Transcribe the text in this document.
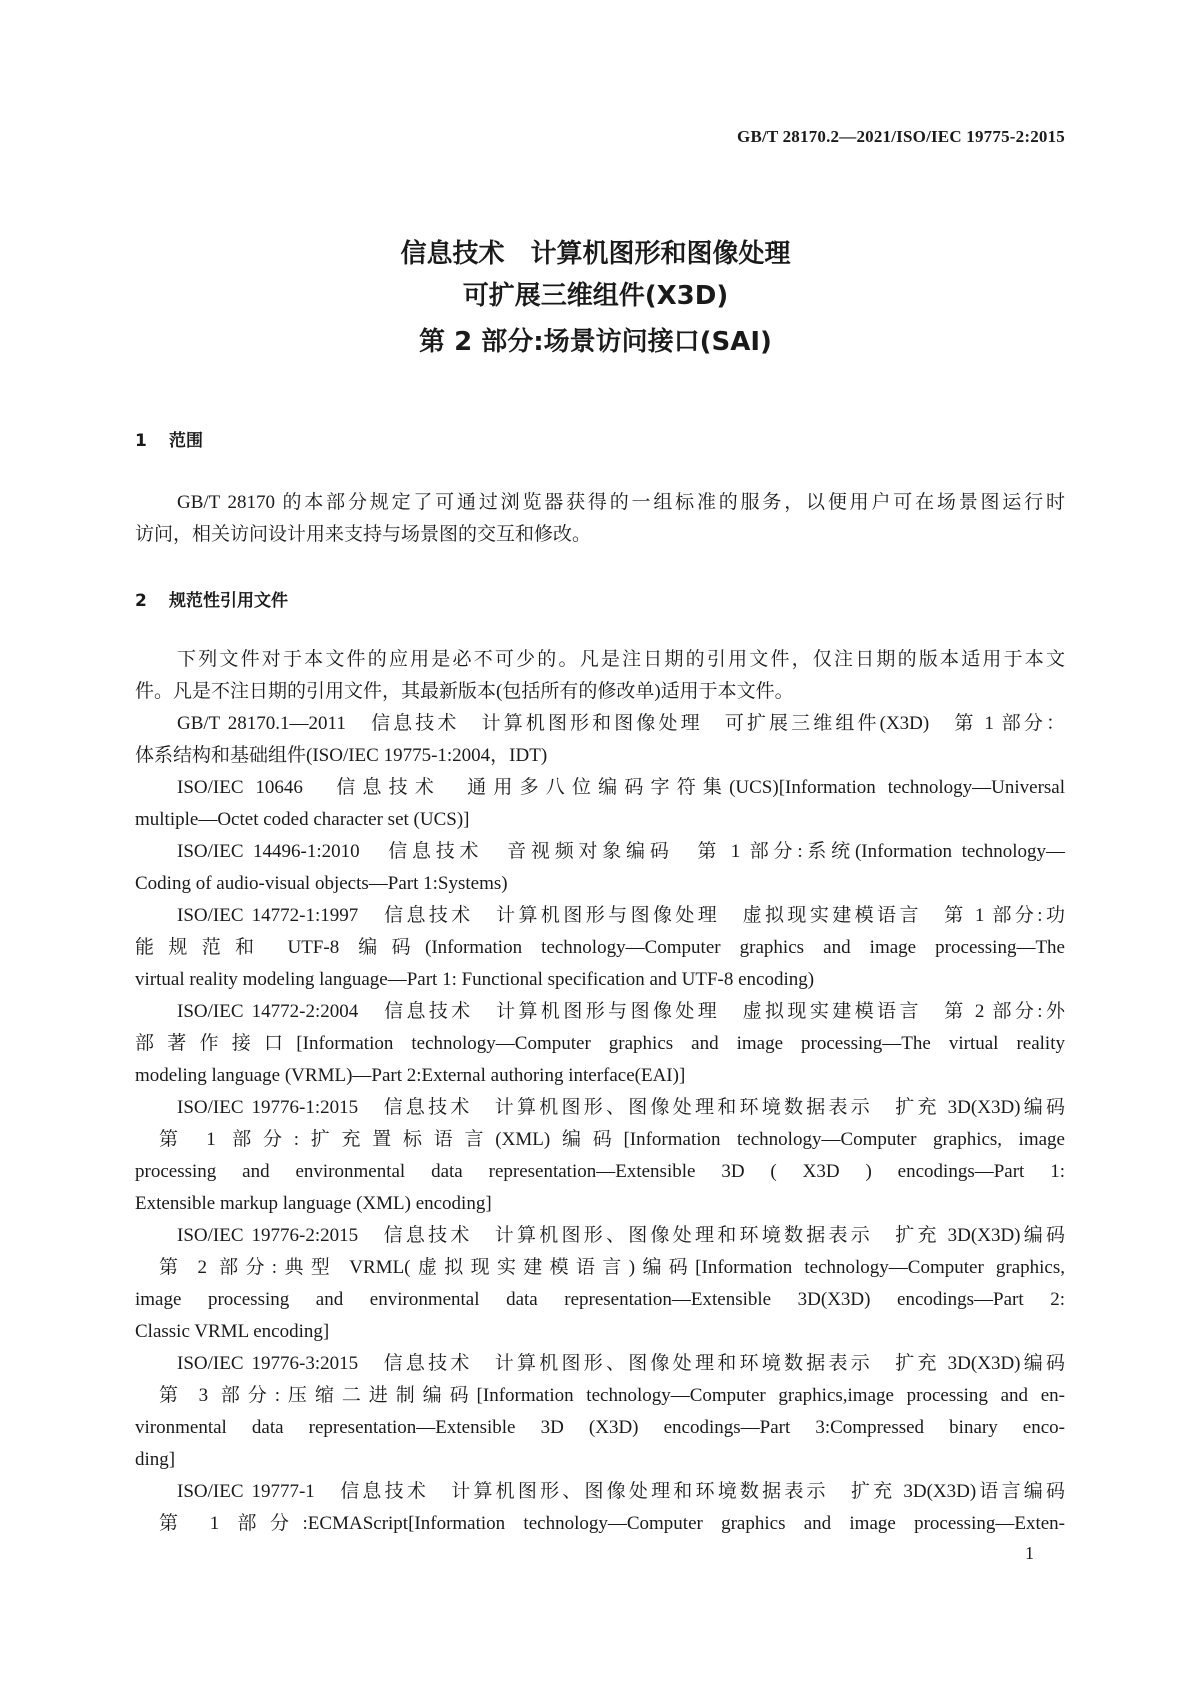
GB/T 28170.2—2021/ISO/IEC 19775-2:2015
信息技术　计算机图形和图像处理
可扩展三维组件(X3D)
第 2 部分:场景访问接口(SAI)
1 范围
GB/T 28170 的本部分规定了可通过浏览器获得的一组标准的服务，以便用户可在场景图运行时
访问，相关访问设计用来支持与场景图的交互和修改。
2 规范性引用文件
下列文件对于本文件的应用是必不可少的。凡是注日期的引用文件，仅注日期的版本适用于本文
件。凡是不注日期的引用文件，其最新版本(包括所有的修改单)适用于本文件。
GB/T 28170.1—2011　信息技术　计算机图形和图像处理　可扩展三维组件(X3D)　第 1 部分：
体系结构和基础组件(ISO/IEC 19775-1:2004，IDT)
ISO/IEC 10646　信息技术　通用多八位编码字符集(UCS)[Information technology—Universal
multiple—Octet coded character set (UCS)]
ISO/IEC 14496-1:2010　信息技术　音视频对象编码　第 1 部分:系统(Information technology—
Coding of audio-visual objects—Part 1:Systems)
ISO/IEC 14772-1:1997　信息技术　计算机图形与图像处理　虚拟现实建模语言　第 1 部分:功
能规范和 UTF-8 编码(Information technology—Computer graphics and image processing—The
virtual reality modeling language—Part 1: Functional specification and UTF-8 encoding)
ISO/IEC 14772-2:2004　信息技术　计算机图形与图像处理　虚拟现实建模语言　第 2 部分:外
部著作接口[Information technology—Computer graphics and image processing—The virtual reality
modeling language (VRML)—Part 2:External authoring interface(EAI)]
ISO/IEC 19776-1:2015　信息技术　计算机图形、图像处理和环境数据表示　扩充 3D(X3D)编码
第 1 部分:扩充置标语言(XML)编码[Information technology—Computer graphics, image
processing and environmental data representation—Extensible 3D ( X3D ) encodings—Part 1:
Extensible markup language (XML) encoding]
ISO/IEC 19776-2:2015　信息技术　计算机图形、图像处理和环境数据表示　扩充 3D(X3D)编码
第 2 部分:典型 VRML(虚拟现实建模语言)编码[Information technology—Computer graphics,
image processing and environmental data representation—Extensible 3D(X3D) encodings—Part 2:
Classic VRML encoding]
ISO/IEC 19776-3:2015　信息技术　计算机图形、图像处理和环境数据表示　扩充 3D(X3D)编码
第 3 部分:压缩二进制编码[Information technology—Computer graphics,image processing and en-
vironmental data representation—Extensible 3D (X3D) encodings—Part 3:Compressed binary enco-
ding]
ISO/IEC 19777-1　信息技术　计算机图形、图像处理和环境数据表示　扩充 3D(X3D)语言编码
第 1 部分:ECMAScript[Information technology—Computer graphics and image processing—Exten-
1
